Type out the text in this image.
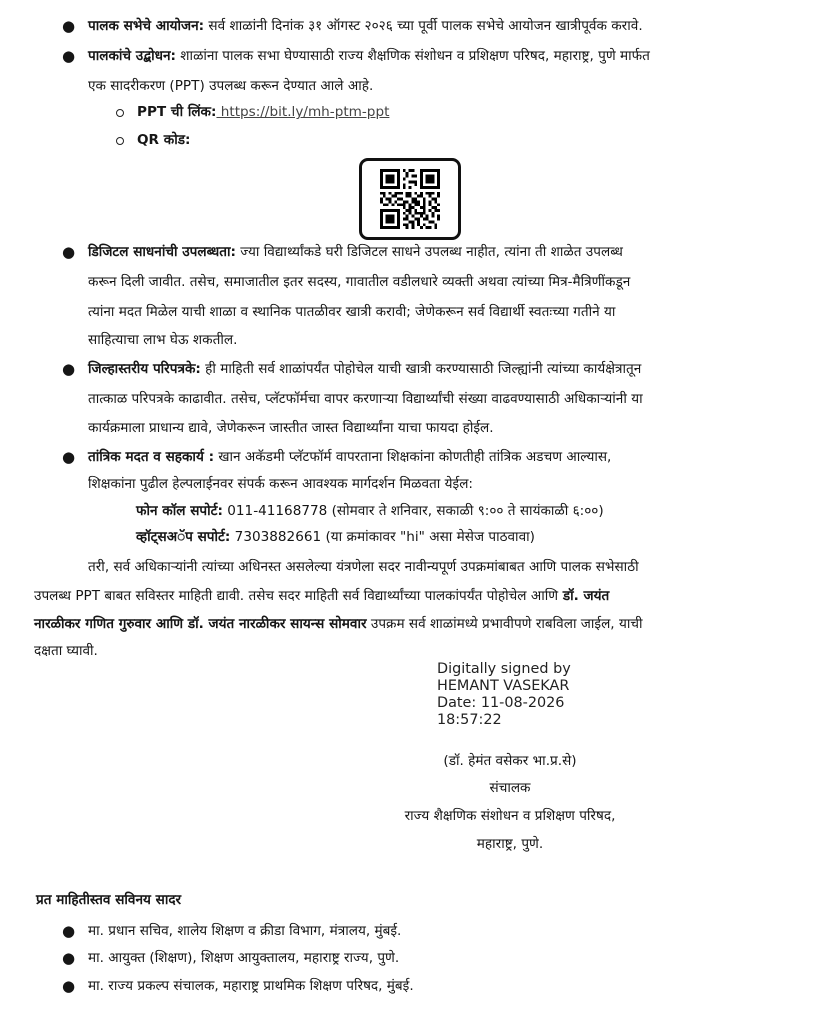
● पालक सभेचे आयोजन: सर्व शाळांनी दिनांक ३१ ऑगस्ट २०२६ च्या पूर्वी पालक सभेचे आयोजन खात्रीपूर्वक करावे.
● पालकांचे उद्बोधन: शाळांना पालक सभा घेण्यासाठी राज्य शैक्षणिक संशोधन व प्रशिक्षण परिषद, महाराष्ट्र, पुणे मार्फत
एक सादरीकरण (PPT) उपलब्ध करून देण्यात आले आहे.
PPT ची लिंक: https://bit.ly/mh-ptm-ppt
QR कोड:
● डिजिटल साधनांची उपलब्धता: ज्या विद्यार्थ्यांकडे घरी डिजिटल साधने उपलब्ध नाहीत, त्यांना ती शाळेत उपलब्ध
करून दिली जावीत. तसेच, समाजातील इतर सदस्य, गावातील वडीलधारे व्यक्ती अथवा त्यांच्या मित्र-मैत्रिणींकडून
त्यांना मदत मिळेल याची शाळा व स्थानिक पातळीवर खात्री करावी; जेणेकरून सर्व विद्यार्थी स्वतःच्या गतीने या
साहित्याचा लाभ घेऊ शकतील.
● जिल्हास्तरीय परिपत्रके: ही माहिती सर्व शाळांपर्यंत पोहोचेल याची खात्री करण्यासाठी जिल्ह्यांनी त्यांच्या कार्यक्षेत्रातून
तात्काळ परिपत्रके काढावीत. तसेच, प्लॅटफॉर्मचा वापर करणाऱ्या विद्यार्थ्यांची संख्या वाढवण्यासाठी अधिकाऱ्यांनी या
कार्यक्रमाला प्राधान्य द्यावे, जेणेकरून जास्तीत जास्त विद्यार्थ्यांना याचा फायदा होईल.
● तांत्रिक मदत व सहकार्य : खान अकॅडमी प्लॅटफॉर्म वापरताना शिक्षकांना कोणतीही तांत्रिक अडचण आल्यास,
शिक्षकांना पुढील हेल्पलाईनवर संपर्क करून आवश्यक मार्गदर्शन मिळवता येईल:
फोन कॉल सपोर्ट: 011-41168778 (सोमवार ते शनिवार, सकाळी ९:०० ते सायंकाळी ६:००)
व्हॉट्सअॅप सपोर्ट: 7303882661 (या क्रमांकावर "hi" असा मेसेज पाठवावा)
तरी, सर्व अधिकाऱ्यांनी त्यांच्या अधिनस्त असलेल्या यंत्रणेला सदर नावीन्यपूर्ण उपक्रमांबाबत आणि पालक सभेसाठी
उपलब्ध PPT बाबत सविस्तर माहिती द्यावी. तसेच सदर माहिती सर्व विद्यार्थ्यांच्या पालकांपर्यंत पोहोचेल आणि डॉ. जयंत
नारळीकर गणित गुरुवार आणि डॉ. जयंत नारळीकर सायन्स सोमवार उपक्रम सर्व शाळांमध्ये प्रभावीपणे राबविला जाईल, याची
दक्षता घ्यावी.
Digitally signed by
HEMANT VASEKAR
Date: 11-08-2026
18:57:22
(डॉ. हेमंत वसेकर भा.प्र.से)
संचालक
राज्य शैक्षणिक संशोधन व प्रशिक्षण परिषद,
महाराष्ट्र, पुणे.
प्रत माहितीस्तव सविनय सादर
● मा. प्रधान सचिव, शालेय शिक्षण व क्रीडा विभाग, मंत्रालय, मुंबई.
● मा. आयुक्त (शिक्षण), शिक्षण आयुक्तालय, महाराष्ट्र राज्य, पुणे.
● मा. राज्य प्रकल्प संचालक, महाराष्ट्र प्राथमिक शिक्षण परिषद, मुंबई.
